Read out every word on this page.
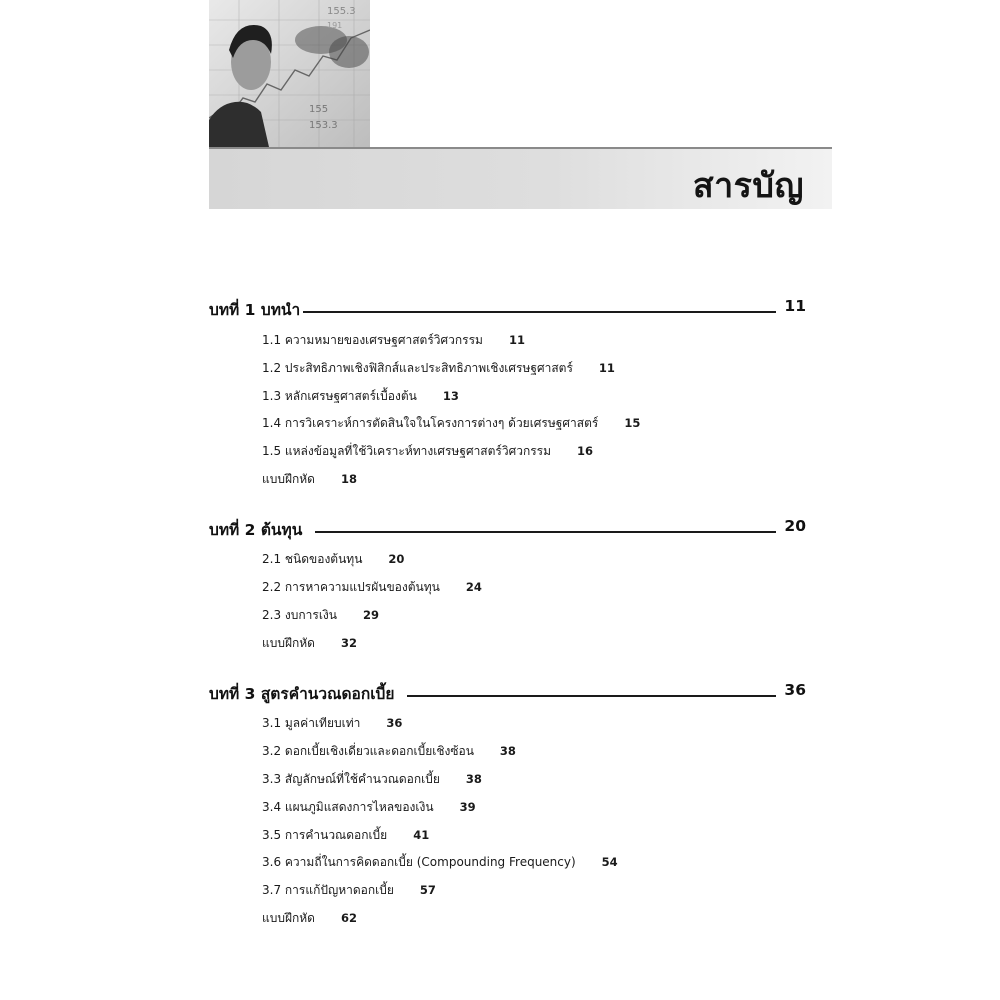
155.3
191
155
153.3
สารบัญ
บทที่ 1 บทนำ	11
1.1 ความหมายของเศรษฐศาสตร์วิศวกรรม 11
1.2 ประสิทธิภาพเชิงฟิสิกส์และประสิทธิภาพเชิงเศรษฐศาสตร์ 11
1.3 หลักเศรษฐศาสตร์เบื้องต้น 13
1.4 การวิเคราะห์การตัดสินใจในโครงการต่างๆ ด้วยเศรษฐศาสตร์ 15
1.5 แหล่งข้อมูลที่ใช้วิเคราะห์ทางเศรษฐศาสตร์วิศวกรรม 16
แบบฝึกหัด 18
บทที่ 2 ต้นทุน	20
2.1 ชนิดของต้นทุน 20
2.2 การหาความแปรผันของต้นทุน 24
2.3 งบการเงิน 29
แบบฝึกหัด 32
บทที่ 3 สูตรคำนวณดอกเบี้ย	36
3.1 มูลค่าเทียบเท่า 36
3.2 ดอกเบี้ยเชิงเดี่ยวและดอกเบี้ยเชิงซ้อน 38
3.3 สัญลักษณ์ที่ใช้คำนวณดอกเบี้ย 38
3.4 แผนภูมิแสดงการไหลของเงิน 39
3.5 การคำนวณดอกเบี้ย 41
3.6 ความถี่ในการคิดดอกเบี้ย (Compounding Frequency) 54
3.7 การแก้ปัญหาดอกเบี้ย 57
แบบฝึกหัด 62
